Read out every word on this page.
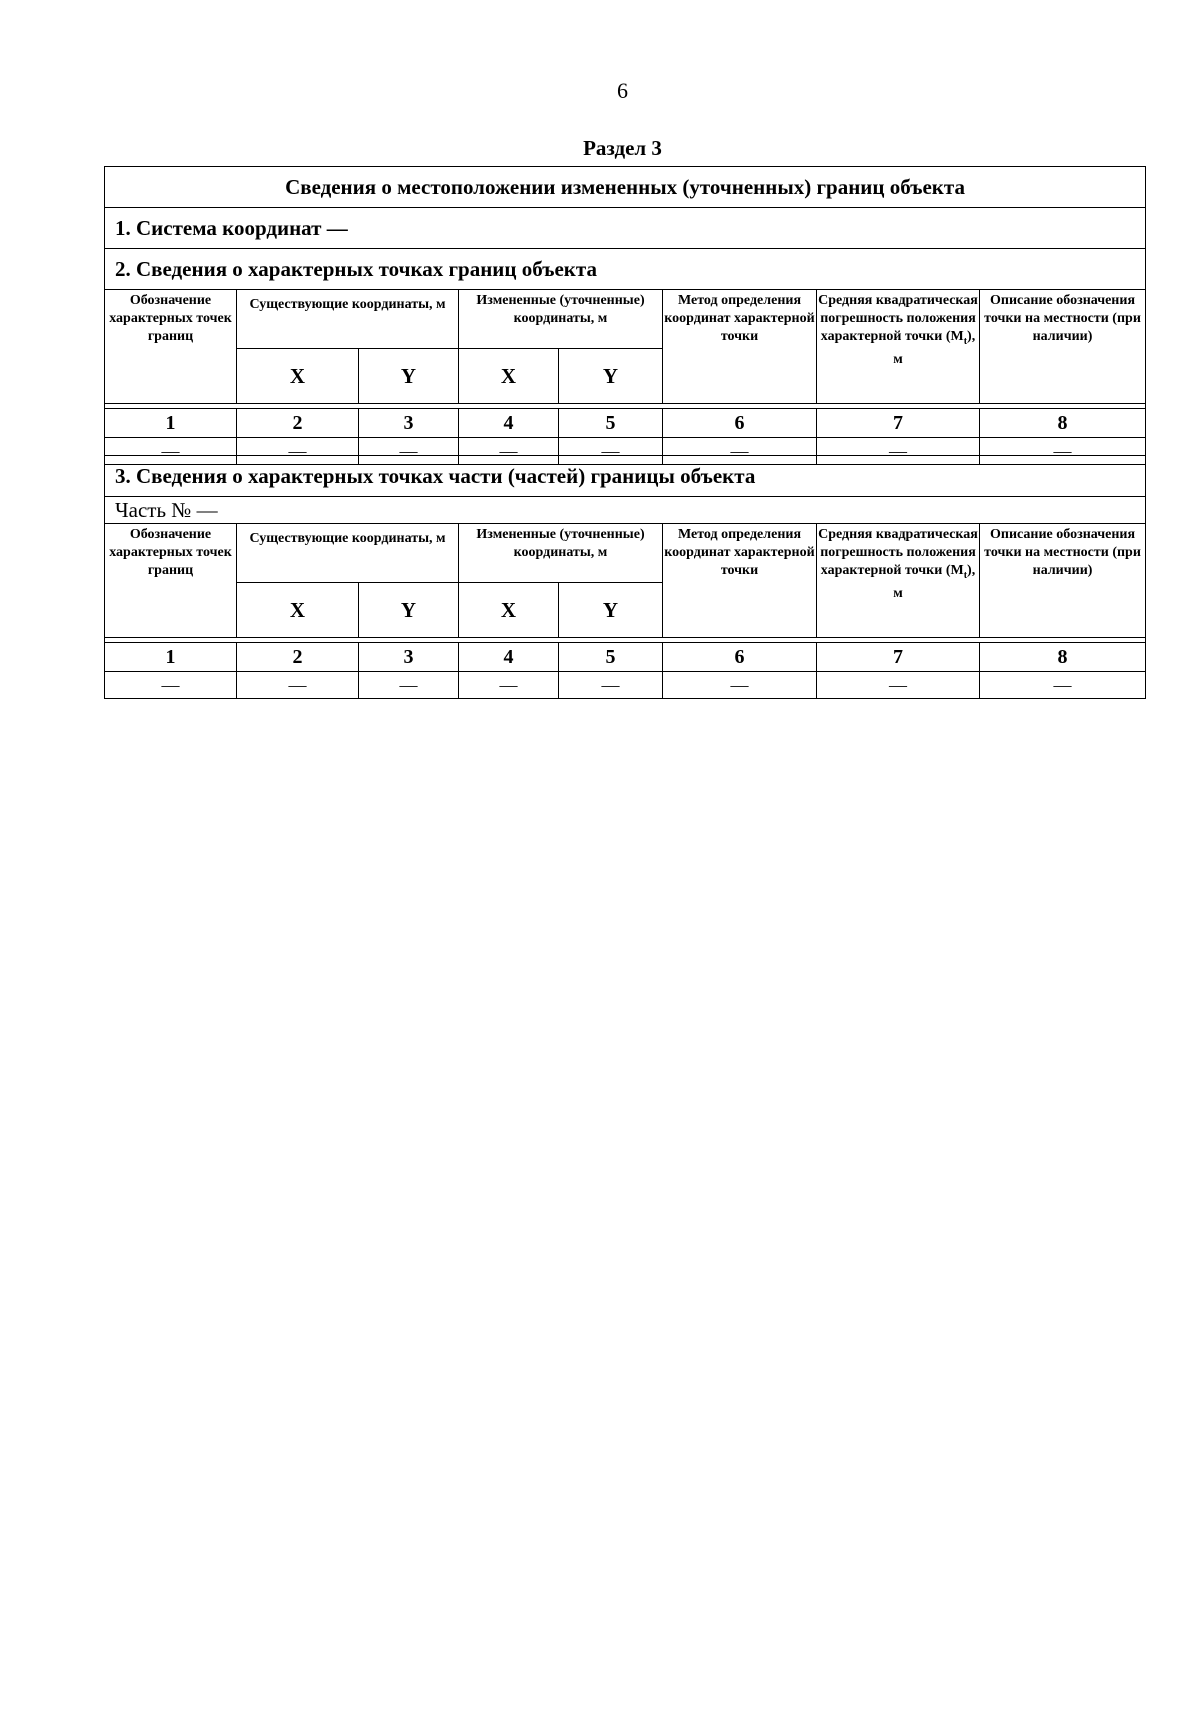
6
Раздел 3
Сведения о местоположении измененных (уточненных) границ объекта							
1. Система координат —							
2. Сведения о характерных точках границ объекта							
Обозначение характерных точек границ	Существующие координаты, м		Измененные (уточненные) координаты, м		Метод определения координат характерной точки	Средняя квадратическая погрешность положения характерной точки $(M_t)$, м	Описание обозначения точки на местности (при наличии)
	X	Y	X	Y			

1	2	3	4	5	6	7	8
—	—	—	—	—	—	—	—
3. Сведения о характерных точках части (частей) границы объекта							
Часть № —							
Обозначение характерных точек границ	Существующие координаты, м		Измененные (уточненные) координаты, м		Метод определения координат характерной точки	Средняя квадратическая погрешность положения характерной точки $(M_t)$, м	Описание обозначения точки на местности (при наличии)
	X	Y	X	Y			

1	2	3	4	5	6	7	8
—	—	—	—	—	—	—	—
